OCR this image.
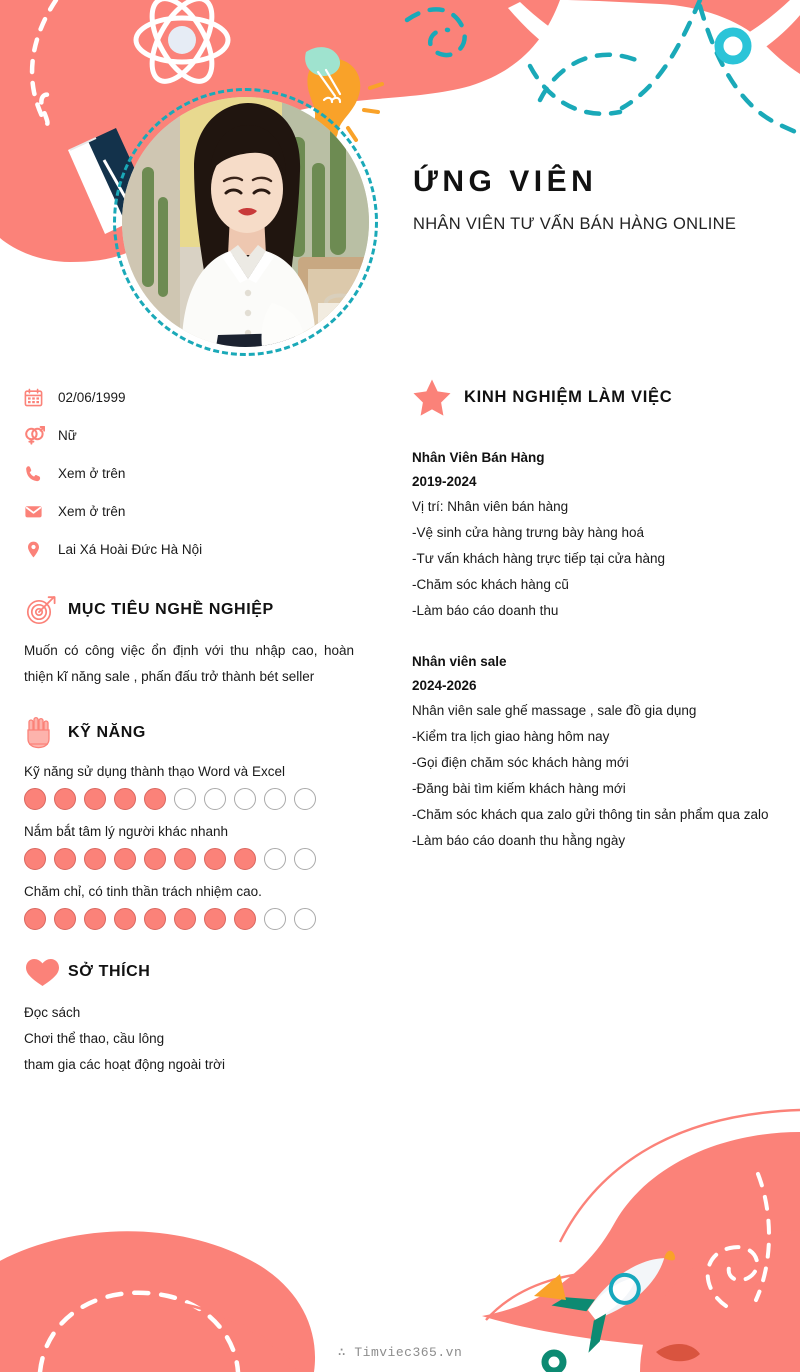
ỨNG VIÊN
NHÂN VIÊN TƯ VẤN BÁN HÀNG ONLINE
02/06/1999
Nữ
Xem ở trên
Xem ở trên
Lai Xá Hoài Đức Hà Nội
MỤC TIÊU NGHỀ NGHIỆP
Muốn có công việc ổn định với thu nhập cao, hoàn thiện kĩ năng sale , phấn đấu trở thành bét seller
KỸ NĂNG
Kỹ năng sử dụng thành thạo Word và Excel
Nắm bắt tâm lý người khác nhanh
Chăm chỉ, có tinh thần trách nhiệm cao.
SỞ THÍCH
Đọc sách
Chơi thể thao, cầu lông
tham gia các hoạt động ngoài trời
KINH NGHIỆM LÀM VIỆC
Nhân Viên Bán Hàng
2019-2024
Vị trí: Nhân viên bán hàng
-Vệ sinh cửa hàng trưng bày hàng hoá
-Tư vấn khách hàng trực tiếp tại cửa hàng
-Chăm sóc khách hàng cũ
-Làm báo cáo doanh thu
Nhân viên sale
2024-2026
Nhân viên sale ghế massage , sale đồ gia dụng
-Kiểm tra lịch giao hàng hôm nay
-Gọi điện chăm sóc khách hàng mới
-Đăng bài tìm kiếm khách hàng mới
-Chăm sóc khách qua zalo gửi thông tin sản phẩm qua zalo
-Làm báo cáo doanh thu hằng ngày
∴ Timviec365.vn
